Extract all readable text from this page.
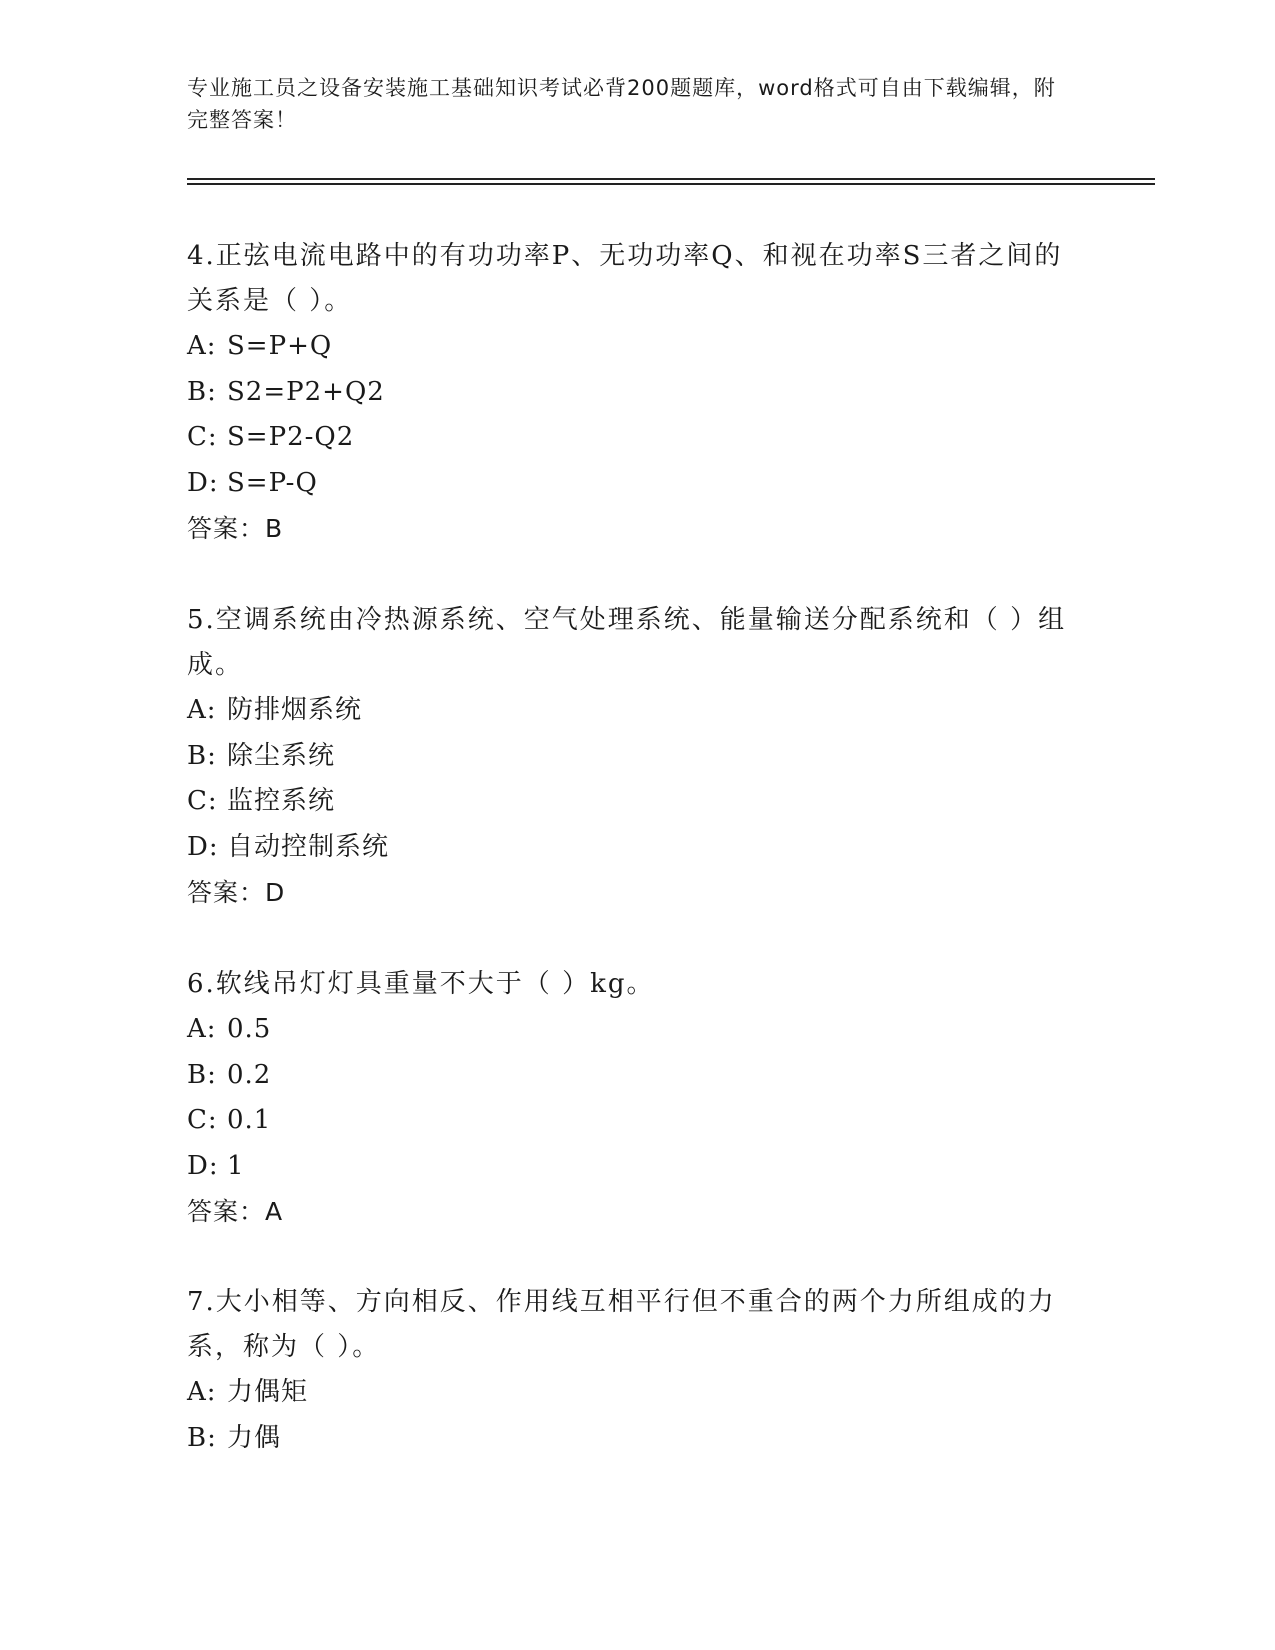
专业施工员之设备安装施工基础知识考试必背200题题库，word格式可自由下载编辑，附完整答案！

4.正弦电流电路中的有功功率P、无功功率Q、和视在功率S三者之间的关系是（ ）。

A: S=P+Q
B: S2=P2+Q2
C: S=P2-Q2
D: S=P-Q

答案：B

5.空调系统由冷热源系统、空气处理系统、能量输送分配系统和（ ）组成。

A: 防排烟系统
B: 除尘系统
C: 监控系统
D: 自动控制系统

答案：D

6.软线吊灯灯具重量不大于（ ）kg。

A: 0.5
B: 0.2
C: 0.1
D: 1

答案：A

7.大小相等、方向相反、作用线互相平行但不重合的两个力所组成的力系，称为（ ）。

A: 力偶矩
B: 力偶
